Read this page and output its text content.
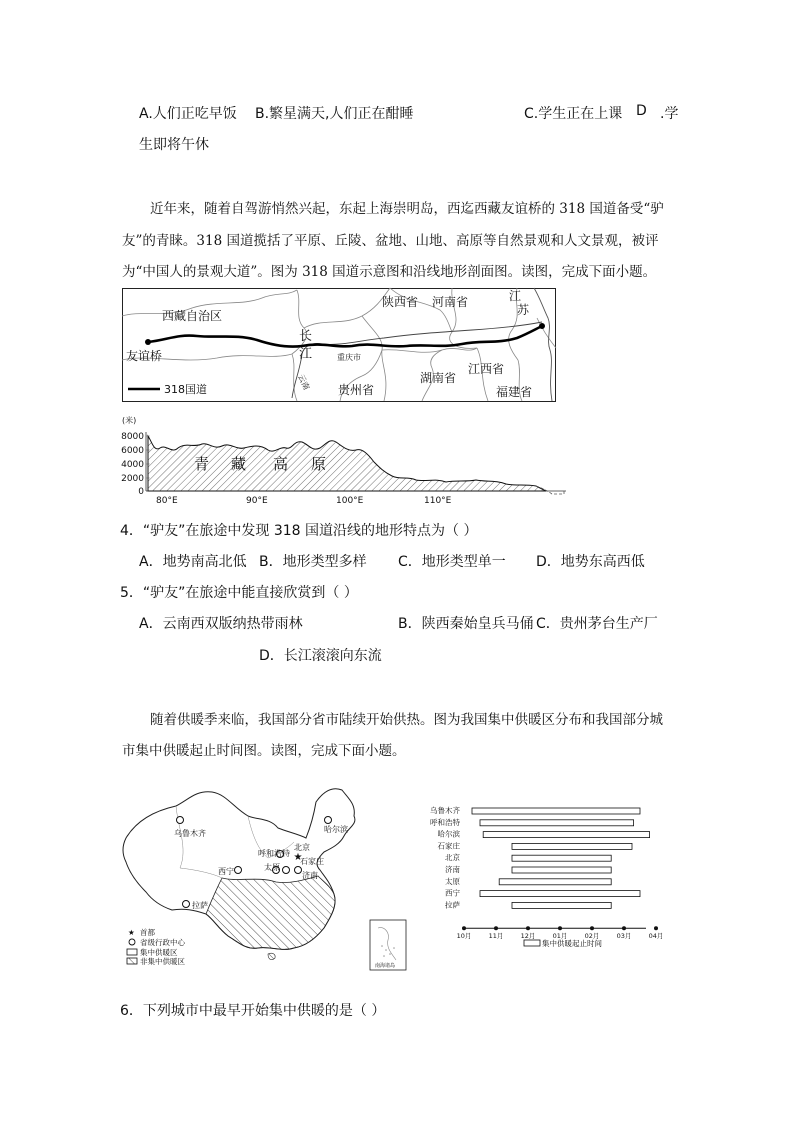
A.人们正吃早饭 B.繁星满天,人们正在酣睡	C.学生正在上课 D .学
生即将午休
近年来，随着自驾游悄然兴起，东起上海崇明岛，西迄西藏友谊桥的 318 国道备受“驴
友”的青睐。318 国道揽括了平原、丘陵、盆地、山地、高原等自然景观和人文景观，被评
为“中国人的景观大道”。图为 318 国道示意图和沿线地形剖面图。读图，完成下面小题。
西藏自治区
陕西省 河南省	江
苏
友谊桥
长
江	重庆市
湖南省
江西省
贵州省	福建省
云南
318国道
(米)
8000
6000
4000
2000
0
青 藏 高 原
80°E	90°E	100°E	110°E
4．“驴友”在旅途中发现 318 国道沿线的地形特点为（ ）
A．地势南高北低 B．地形类型多样 C．地形类型单一 D．地势东高西低
5．“驴友”在旅途中能直接欣赏到（ ）
A．云南西双版纳热带雨林	B．陕西秦始皇兵马俑 C．贵州茅台生产厂
D．长江滚滚向东流
随着供暖季来临，我国部分省市陆续开始供热。图为我国集中供暖区分布和我国部分城
市集中供暖起止时间图。读图，完成下面小题。
★
乌鲁木齐	哈尔滨
呼和浩特
北京
石家庄
西宁	太原
济南
拉萨
★ 首都
省级行政中心
集中供暖区
非集中供暖区	南海诸岛
乌鲁木齐
呼和浩特
哈尔滨
石家庄
北京
济南
太原
西宁
拉萨
10月	11月	12月	01月	02月	03月	04月
集中供暖起止时间
6．下列城市中最早开始集中供暖的是（ ）
